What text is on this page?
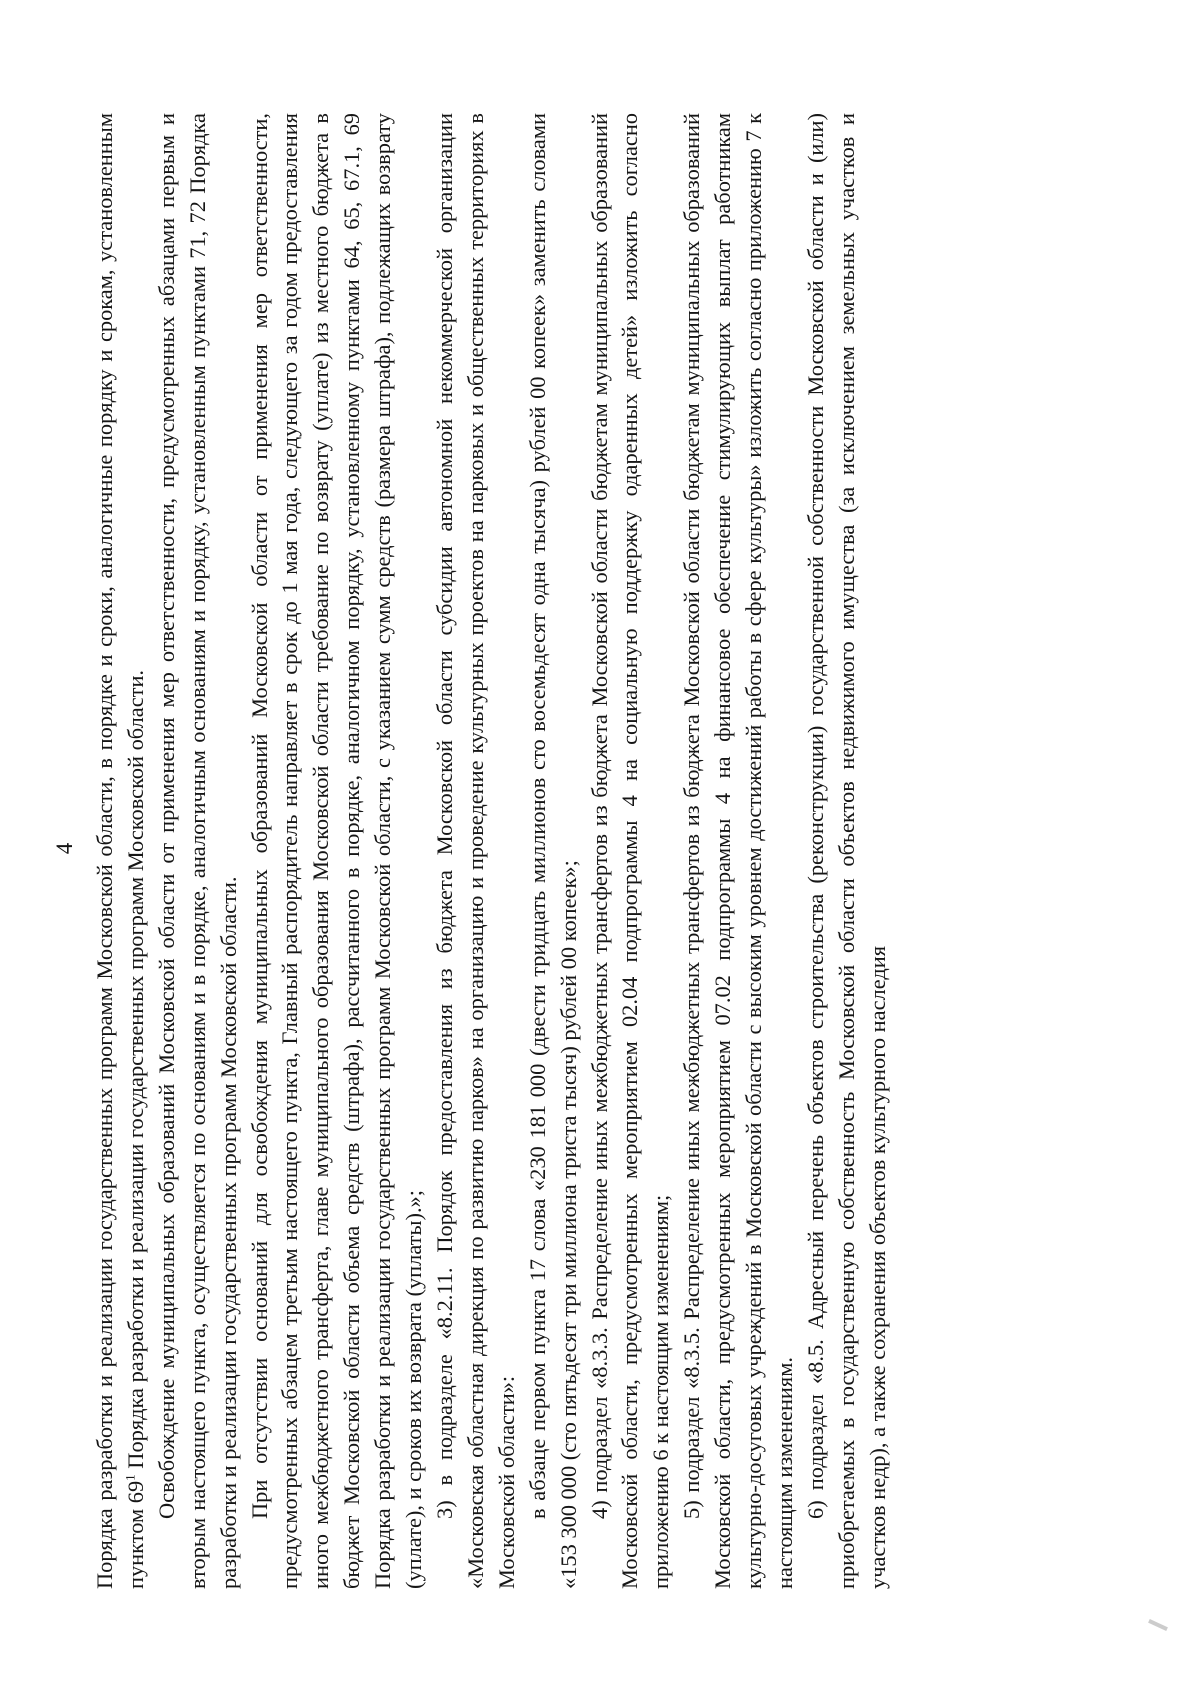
4 Порядка разработки и реализации государственных программ Московской области, в порядке и сроки, аналогичные порядку и срокам, установленным пунктом $69^1$ Порядка разработки и реализации государственных программ Московской области. Освобождение муниципальных образований Московской области от применения мер ответственности, предусмотренных абзацами первым и вторым настоящего пункта, осуществляется по основаниям и в порядке, аналогичным основаниям и порядку, установленным пунктами 71, 72 Порядка разработки и реализации государственных программ Московской области. При отсутствии оснований для освобождения муниципальных образований Московской области от применения мер ответственности, предусмотренных абзацем третьим настоящего пункта, Главный распорядитель направляет в срок до 1 мая года, следующего за годом предоставления иного межбюджетного трансферта, главе муниципального образования Московской области требование по возврату (уплате) из местного бюджета в бюджет Московской области объема средств (штрафа), рассчитанного в порядке, аналогичном порядку, установленному пунктами 64, 65, 67.1, 69 Порядка разработки и реализации государственных программ Московской области, с указанием сумм средств (размера штрафа), подлежащих возврату (уплате), и сроков их возврата (уплаты).»; 3) в подразделе «8.2.11. Порядок предоставления из бюджета Московской области субсидии автономной некоммерческой организации «Московская областная дирекция по развитию парков» на организацию и проведение культурных проектов на парковых и общественных территориях в Московской области»: в абзаце первом пункта 17 слова «230 181 000 (двести тридцать миллионов сто восемьдесят одна тысяча) рублей 00 копеек» заменить словами «153 300 000 (сто пятьдесят три миллиона триста тысяч) рублей 00 копеек»; 4) подраздел «8.3.3. Распределение иных межбюджетных трансфертов из бюджета Московской области бюджетам муниципальных образований Московской области, предусмотренных мероприятием 02.04 подпрограммы 4 на социальную поддержку одаренных детей» изложить согласно приложению 6 к настоящим изменениям; 5) подраздел «8.3.5. Распределение иных межбюджетных трансфертов из бюджета Московской области бюджетам муниципальных образований Московской области, предусмотренных мероприятием 07.02 подпрограммы 4 на финансовое обеспечение стимулирующих выплат работникам культурно-досуговых учреждений в Московской области с высоким уровнем достижений работы в сфере культуры» изложить согласно приложению 7 к настоящим изменениям. 6) подраздел «8.5. Адресный перечень объектов строительства (реконструкции) государственной собственности Московской области и (или) приобретаемых в государственную собственность Московской области объектов недвижимого имущества (за исключением земельных участков и участков недр), а также сохранения объектов культурного наследия
